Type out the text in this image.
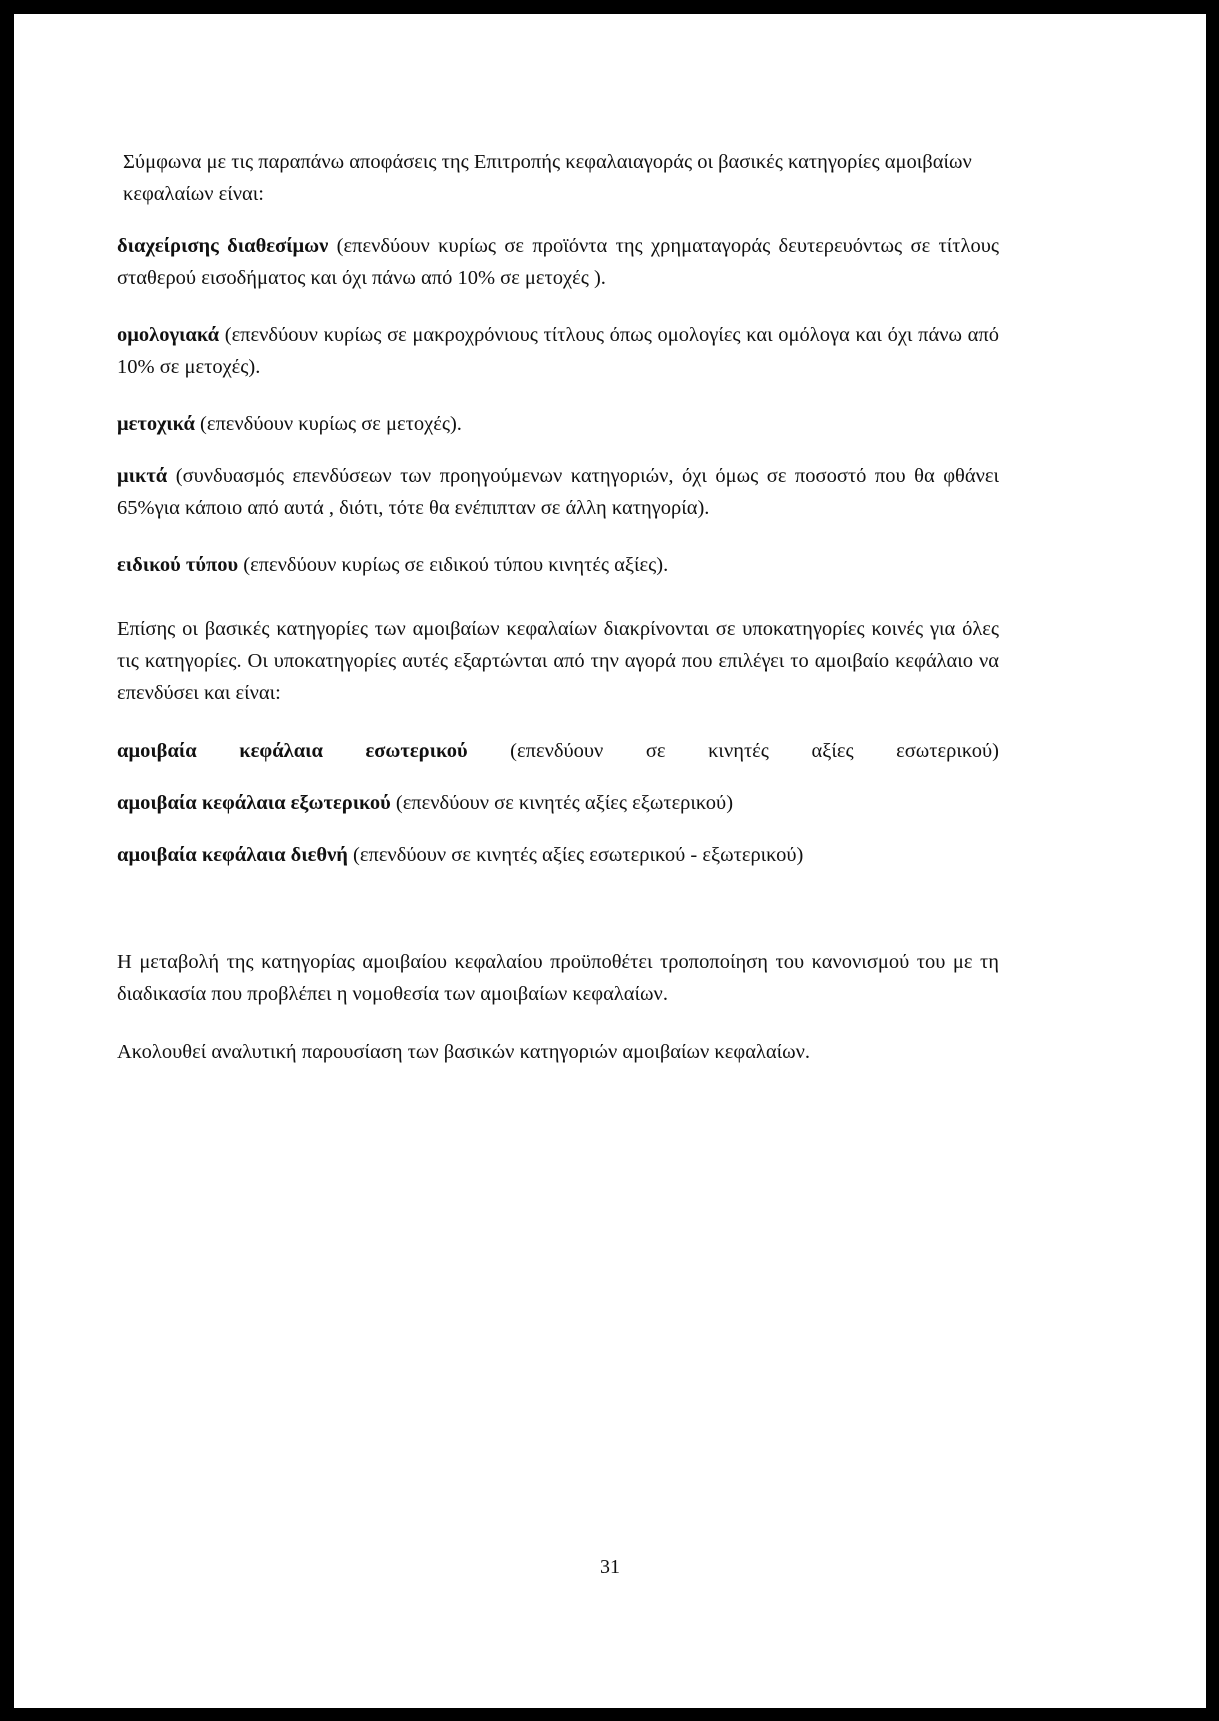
Σύμφωνα με τις παραπάνω αποφάσεις της Επιτροπής κεφαλαιαγοράς οι βασικές κατηγορίες αμοιβαίων κεφαλαίων είναι:

διαχείρισης διαθεσίμων (επενδύουν κυρίως σε προϊόντα της χρηματαγοράς δευτερευόντως σε τίτλους σταθερού εισοδήματος και όχι πάνω από 10% σε μετοχές ).

ομολογιακά (επενδύουν κυρίως σε μακροχρόνιους τίτλους όπως ομολογίες και ομόλογα και όχι πάνω από 10% σε μετοχές).

μετοχικά (επενδύουν κυρίως σε μετοχές).

μικτά (συνδυασμός επενδύσεων των προηγούμενων κατηγοριών, όχι όμως σε ποσοστό που θα φθάνει 65%για κάποιο από αυτά , διότι, τότε θα ενέπιπταν σε άλλη κατηγορία).

ειδικού τύπου (επενδύουν κυρίως σε ειδικού τύπου κινητές αξίες).

Επίσης οι βασικές κατηγορίες των αμοιβαίων κεφαλαίων διακρίνονται σε υποκατηγορίες κοινές για όλες τις κατηγορίες. Οι υποκατηγορίες αυτές εξαρτώνται από την αγορά που επιλέγει το αμοιβαίο κεφάλαιο να επενδύσει και είναι:

αμοιβαία κεφάλαια εσωτερικού (επενδύουν σε κινητές αξίες εσωτερικού)

αμοιβαία κεφάλαια εξωτερικού (επενδύουν σε κινητές αξίες εξωτερικού)

αμοιβαία κεφάλαια διεθνή (επενδύουν σε κινητές αξίες εσωτερικού - εξωτερικού)

Η μεταβολή της κατηγορίας αμοιβαίου κεφαλαίου προϋποθέτει τροποποίηση του κανονισμού του με τη διαδικασία που προβλέπει η νομοθεσία των αμοιβαίων κεφαλαίων.

Ακολουθεί αναλυτική παρουσίαση των βασικών κατηγοριών αμοιβαίων κεφαλαίων.

31
